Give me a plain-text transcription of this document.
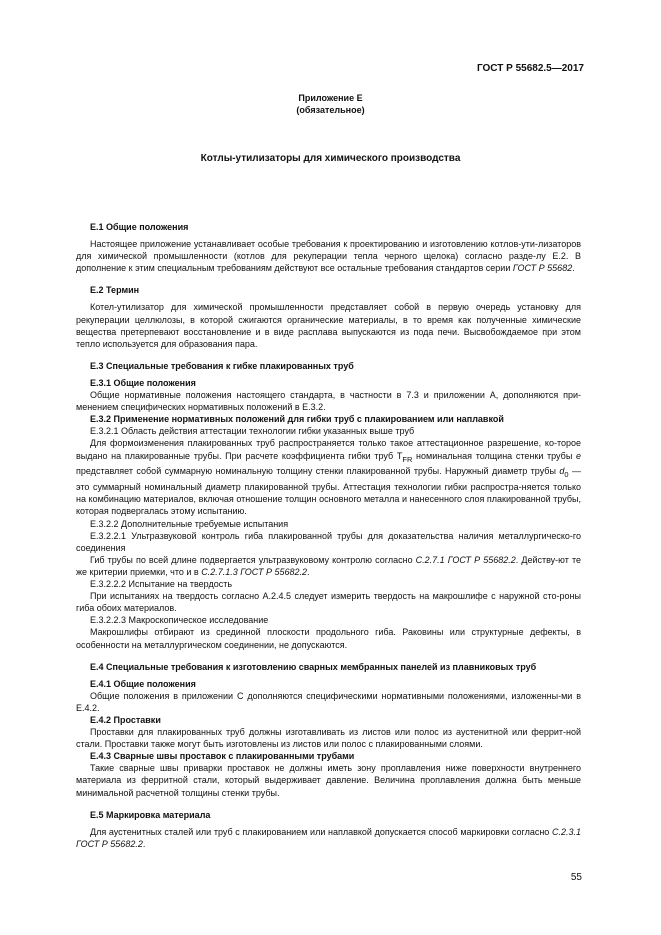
ГОСТ Р 55682.5—2017
Приложение Е
(обязательное)
Котлы-утилизаторы для химического производства
Е.1 Общие положения

Настоящее приложение устанавливает особые требования к проектированию и изготовлению котлов-ути-лизаторов для химической промышленности (котлов для рекуперации тепла черного щелока) согласно разде-лу Е.2. В дополнение к этим специальным требованиям действуют все остальные требования стандартов серии ГОСТ Р 55682.

Е.2 Термин

Котел-утилизатор для химической промышленности представляет собой в первую очередь установку для рекуперации целлюлозы, в которой сжигаются органические материалы, в то время как полученные химические вещества претерпевают восстановление и в виде расплава выпускаются из пода печи. Высвобождаемое при этом тепло используется для образования пара.

Е.3 Специальные требования к гибке плакированных труб
Е.3.1 Общие положения

Общие нормативные положения настоящего стандарта, в частности в 7.3 и приложении А, дополняются при-менением специфических нормативных положений в Е.3.2.

Е.3.2 Применение нормативных положений для гибки труб с плакированием или наплавкой

Е.3.2.1 Область действия аттестации технологии гибки указанных выше труб

Для формоизменения плакированных труб распространяется только такое аттестационное разрешение, ко-торое выдано на плакированные трубы. При расчете коэффициента гибки труб $T_{FR}$ номинальная толщина стенки трубы e представляет собой суммарную номинальную толщину стенки плакированной трубы. Наружный диаметр трубы $d_0$ — это суммарный номинальный диаметр плакированной трубы. Аттестация технологии гибки распростра-няется только на комбинацию материалов, включая отношение толщин основного металла и нанесенного слоя плакированной трубы, которая подвергалась этому испытанию.

Е.3.2.2 Дополнительные требуемые испытания

Е.3.2.2.1 Ультразвуковой контроль гиба плакированной трубы для доказательства наличия металлургическо-го соединения

Гиб трубы по всей длине подвергается ультразвуковому контролю согласно С.2.7.1 ГОСТ Р 55682.2. Действу-ют те же критерии приемки, что и в С.2.7.1.3 ГОСТ Р 55682.2.

Е.3.2.2.2 Испытание на твердость

При испытаниях на твердость согласно А.2.4.5 следует измерить твердость на макрошлифе с наружной сто-роны гиба обоих материалов.

Е.3.2.2.3 Макроскопическое исследование

Макрошлифы отбирают из срединной плоскости продольного гиба. Раковины или структурные дефекты, в особенности на металлургическом соединении, не допускаются.

Е.4 Специальные требования к изготовлению сварных мембранных панелей из плавниковых труб
Е.4.1 Общие положения

Общие положения в приложении С дополняются специфическими нормативными положениями, изложенны-ми в Е.4.2.

Е.4.2 Проставки

Проставки для плакированных труб должны изготавливать из листов или полос из аустенитной или феррит-ной стали. Проставки также могут быть изготовлены из листов или полос с плакированными слоями.

Е.4.3 Сварные швы проставок с плакированными трубами

Такие сварные швы приварки проставок не должны иметь зону проплавления ниже поверхности внутреннего материала из ферритной стали, который выдерживает давление. Величина проплавления должна быть меньше минимальной расчетной толщины стенки трубы.

Е.5 Маркировка материала

Для аустенитных сталей или труб с плакированием или наплавкой допускается способ маркировки согласно С.2.3.1 ГОСТ Р 55682.2.

55
